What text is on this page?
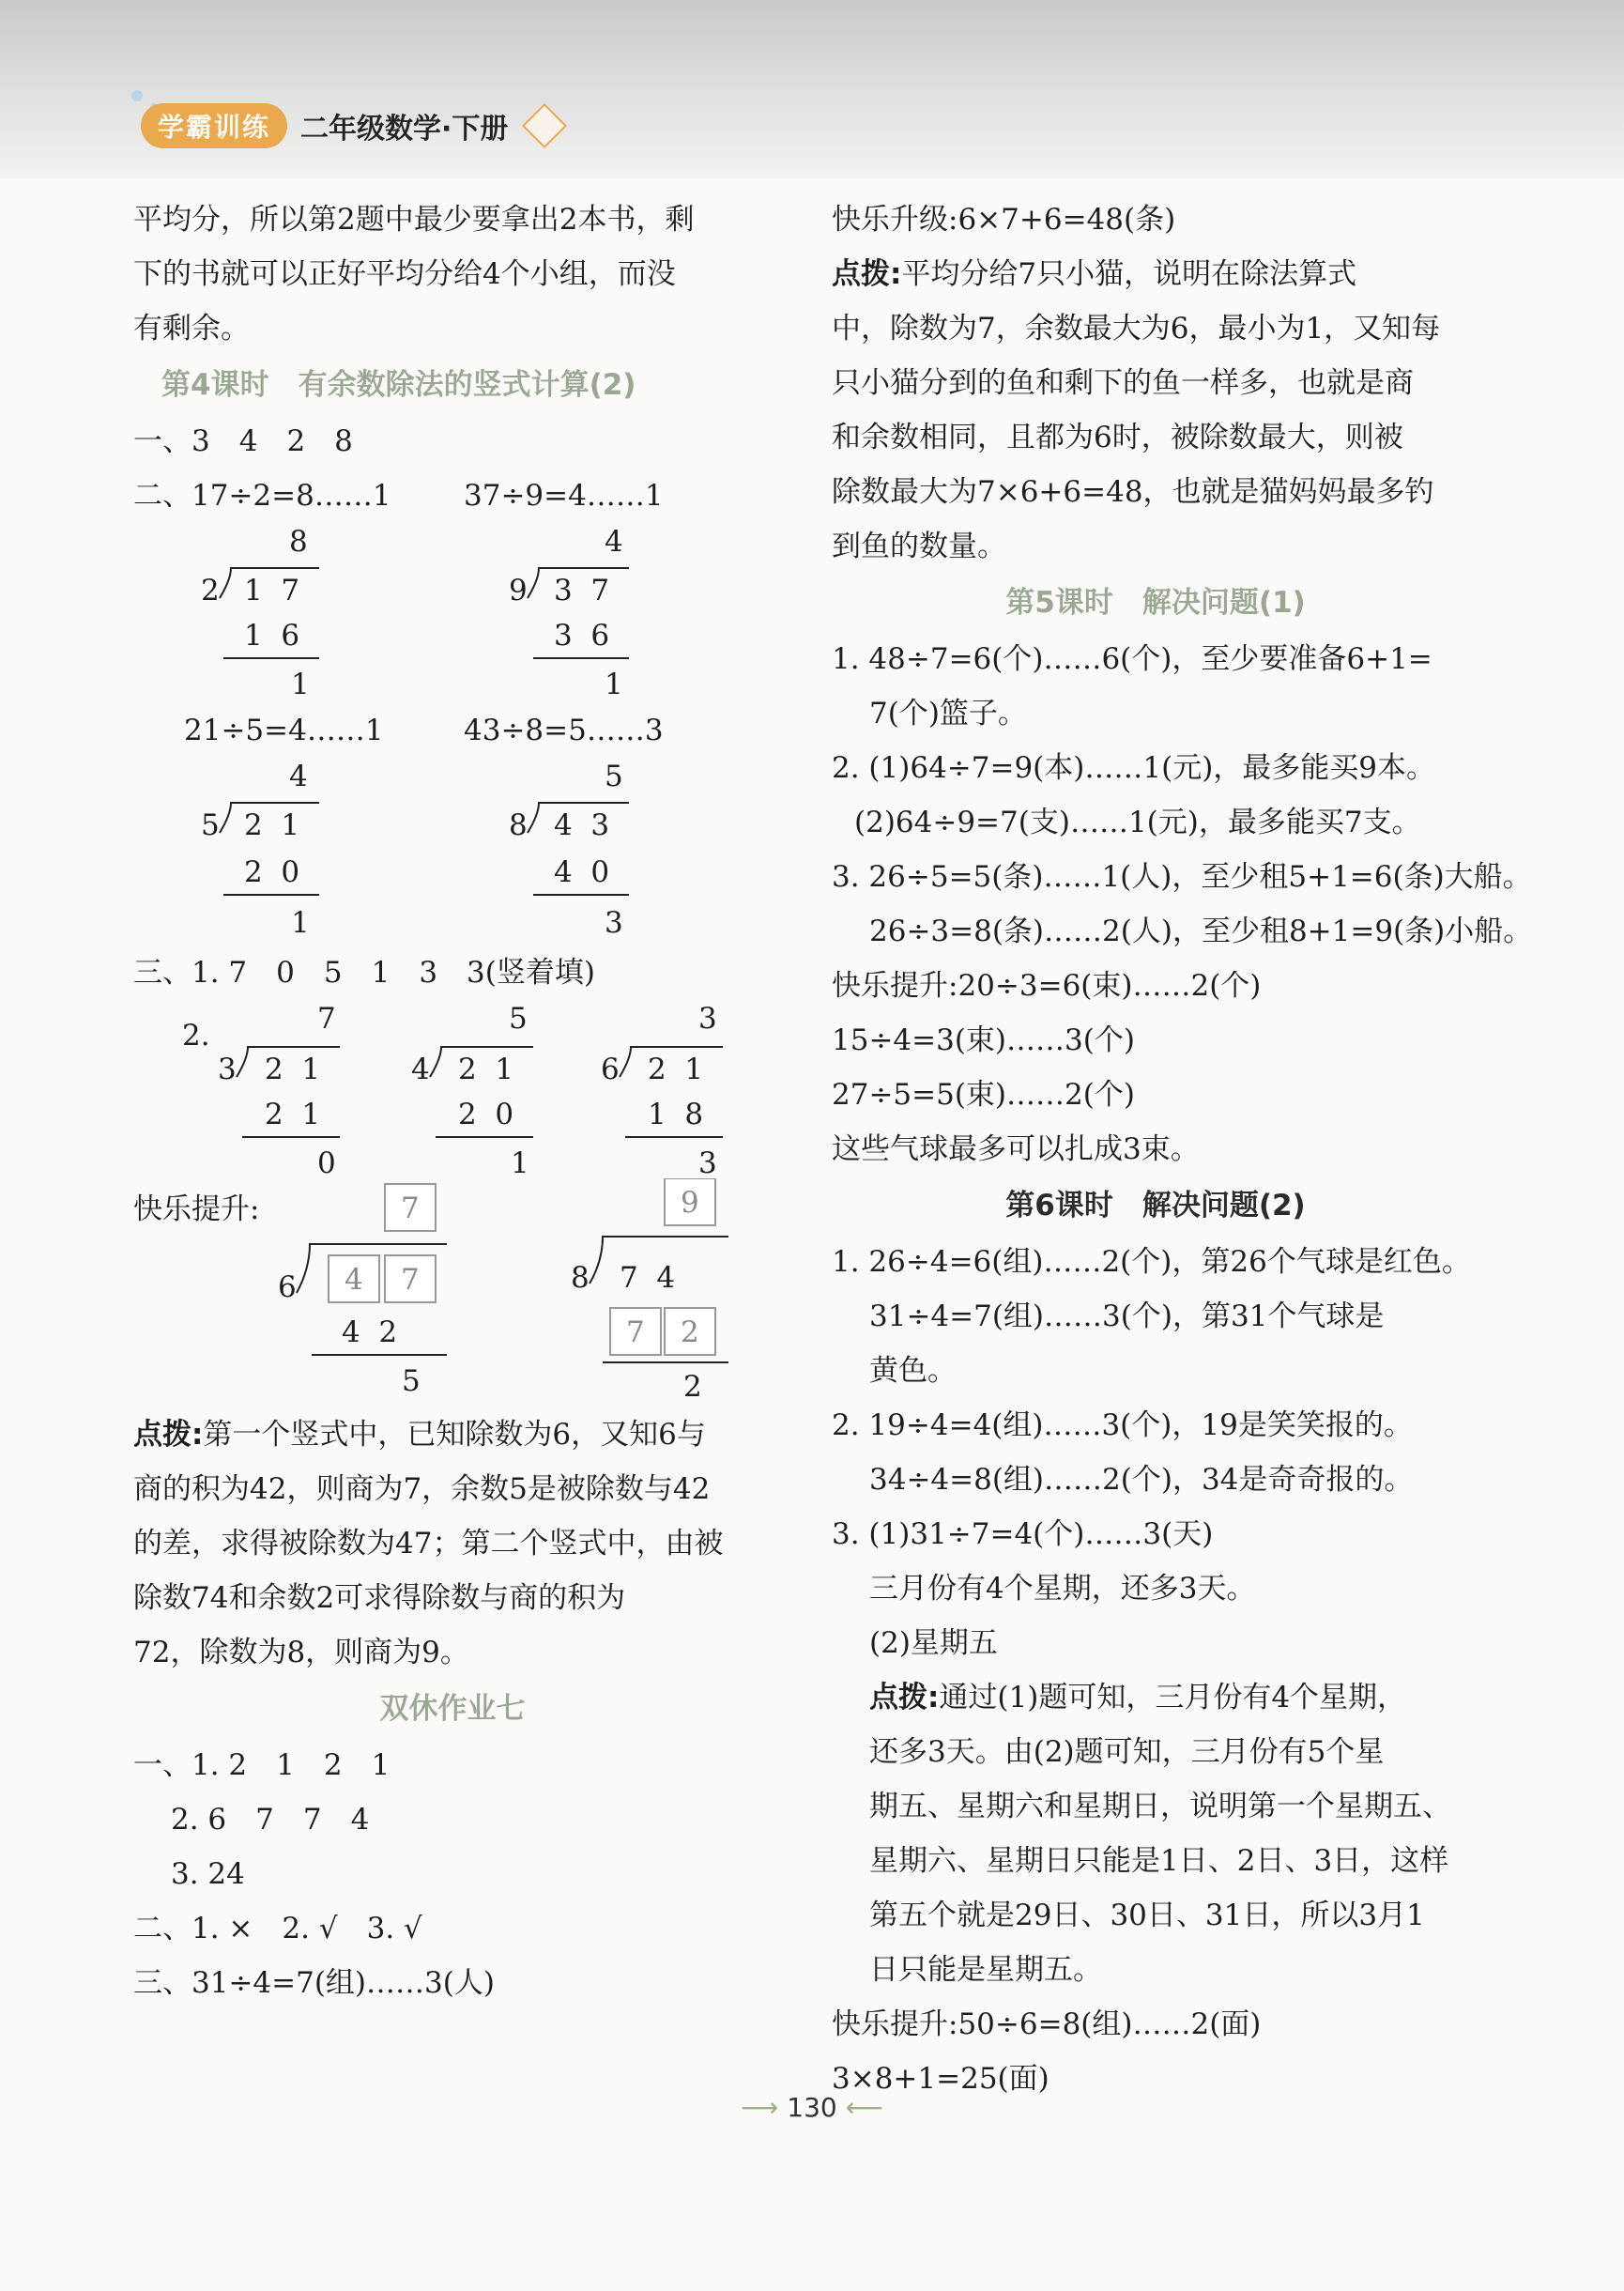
学霸训练	二年级数学·下册
平均分，所以第2题中最少要拿出2本书，剩
下的书就可以正好平均分给4个小组，而没
有剩余。
第4课时　有余数除法的竖式计算(2)
一、3　4　2　8
二、17÷2=8……1 37÷9=4……1
8
2 1  7
1  6
1
4
9 3  7
3  6
1
21÷5=4……1	43÷8=5……3
4
5 2  1
2  0
1
5
8 4  3
4  0
3
三、1. 7　0　5　1　3　3(竖着填)
2.	7
3 2  1
2  1
0
5
4 2  1
2  0
1
3
6 2  1
1  8
3
快乐提升:	7
6 4 7
4  2
5
9
8 7  4
7 2
2
点拨:第一个竖式中，已知除数为6，又知6与
商的积为42，则商为7，余数5是被除数与42
的差，求得被除数为47；第二个竖式中，由被
除数74和余数2可求得除数与商的积为
72，除数为8，则商为9。
双休作业七
一、1. 2　1　2　1
2. 6　7　7　4
3. 24
二、1. ×　2. √　3. √
三、31÷4=7(组)……3(人)
快乐升级:6×7+6=48(条)
点拨:平均分给7只小猫，说明在除法算式
中，除数为7，余数最大为6，最小为1，又知每
只小猫分到的鱼和剩下的鱼一样多，也就是商
和余数相同，且都为6时，被除数最大，则被
除数最大为7×6+6=48，也就是猫妈妈最多钓
到鱼的数量。
第5课时　解决问题(1)
1. 48÷7=6(个)……6(个)，至少要准备6+1=
7(个)篮子。
2. (1)64÷7=9(本)……1(元)，最多能买9本。
(2)64÷9=7(支)……1(元)，最多能买7支。
3. 26÷5=5(条)……1(人)，至少租5+1=6(条)大船。
26÷3=8(条)……2(人)，至少租8+1=9(条)小船。
快乐提升:20÷3=6(束)……2(个)
15÷4=3(束)……3(个)
27÷5=5(束)……2(个)
这些气球最多可以扎成3束。
第6课时　解决问题(2)
1. 26÷4=6(组)……2(个)，第26个气球是红色。
31÷4=7(组)……3(个)，第31个气球是
黄色。
2. 19÷4=4(组)……3(个)，19是笑笑报的。
34÷4=8(组)……2(个)，34是奇奇报的。
3. (1)31÷7=4(个)……3(天)
三月份有4个星期，还多3天。
(2)星期五
点拨:通过(1)题可知，三月份有4个星期，
还多3天。由(2)题可知，三月份有5个星
期五、星期六和星期日，说明第一个星期五、
星期六、星期日只能是1日、2日、3日，这样
第五个就是29日、30日、31日，所以3月1
日只能是星期五。
快乐提升:50÷6=8(组)……2(面)
3×8+1=25(面)
⟶ 130 ⟵
